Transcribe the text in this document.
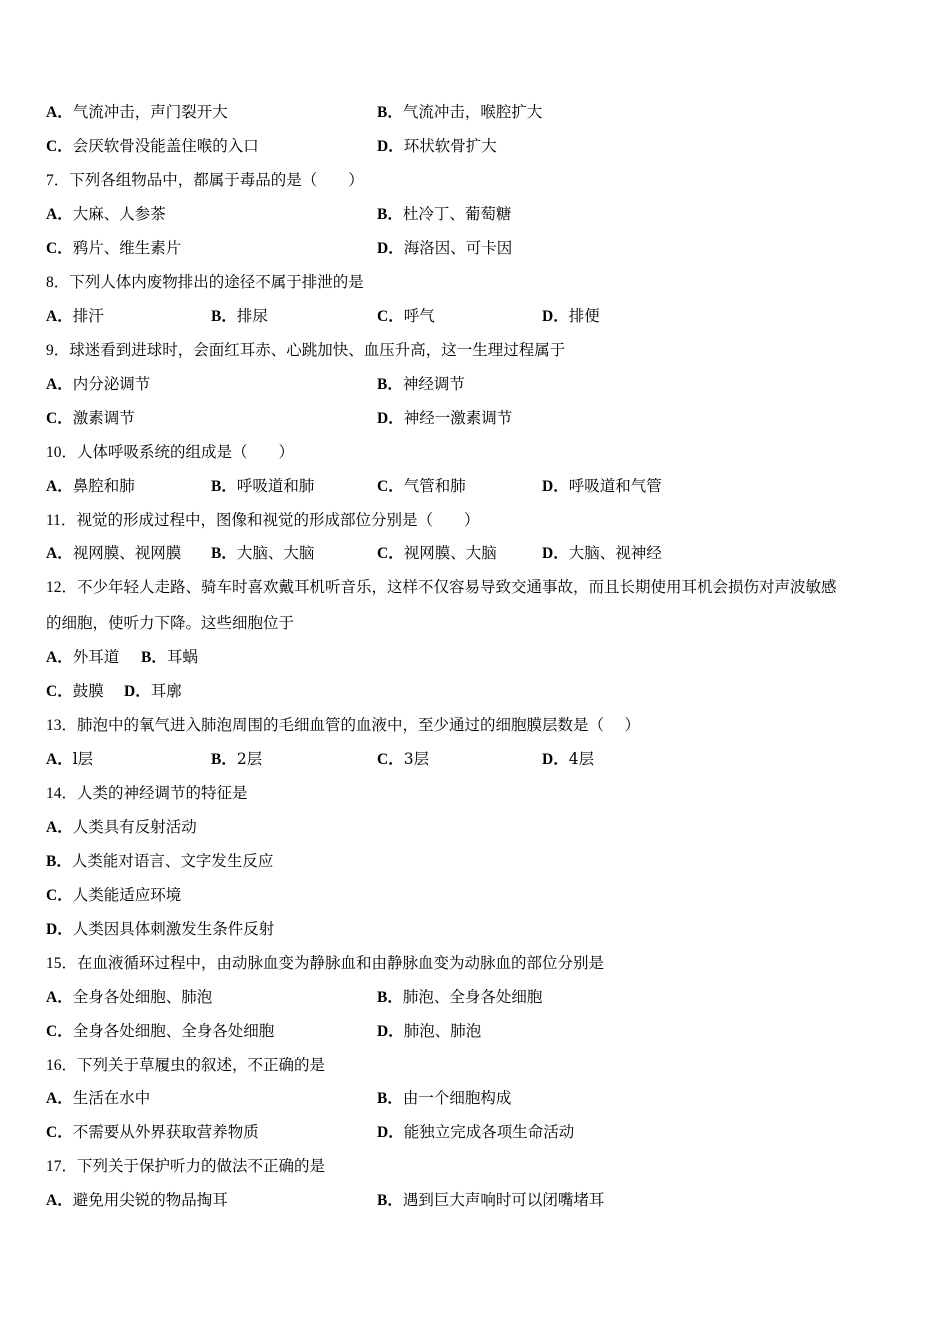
A．气流冲击，声门裂开大	B．气流冲击，喉腔扩大
C．会厌软骨没能盖住喉的入口	D．环状软骨扩大
7．下列各组物品中，都属于毒品的是（　　）
A．大麻、人参茶	B．杜冷丁、葡萄糖
C．鸦片、维生素片	D．海洛因、可卡因
8．下列人体内废物排出的途径不属于排泄的是
A．排汗	B．排尿	C．呼气	D．排便
9．球迷看到进球时，会面红耳赤、心跳加快、血压升高，这一生理过程属于
A．内分泌调节	B．神经调节
C．激素调节	D．神经一激素调节
10．人体呼吸系统的组成是（　　）
A．鼻腔和肺	B．呼吸道和肺	C．气管和肺	D．呼吸道和气管
11．视觉的形成过程中，图像和视觉的形成部位分别是（　　）
A．视网膜、视网膜 B．大脑、大脑	C．视网膜、大脑	D．大脑、视神经
12．不少年轻人走路、骑车时喜欢戴耳机听音乐，这样不仅容易导致交通事故，而且长期使用耳机会损伤对声波敏感
的细胞，使听力下降。这些细胞位于
A．外耳道 B．耳蜗
C．鼓膜 D．耳廓
13．肺泡中的氧气进入肺泡周围的毛细血管的血液中，至少通过的细胞膜层数是（　 ）
A．l层	B．2层	C．3层	D．4层
14．人类的神经调节的特征是
A．人类具有反射活动
B．人类能对语言、文字发生反应
C．人类能适应环境
D．人类因具体刺激发生条件反射
15．在血液循环过程中，由动脉血变为静脉血和由静脉血变为动脉血的部位分别是
A．全身各处细胞、肺泡	B．肺泡、全身各处细胞
C．全身各处细胞、全身各处细胞	D．肺泡、肺泡
16．下列关于草履虫的叙述，不正确的是
A．生活在水中	B．由一个细胞构成
C．不需要从外界获取营养物质	D．能独立完成各项生命活动
17．下列关于保护听力的做法不正确的是
A．避免用尖锐的物品掏耳	B．遇到巨大声响时可以闭嘴堵耳
